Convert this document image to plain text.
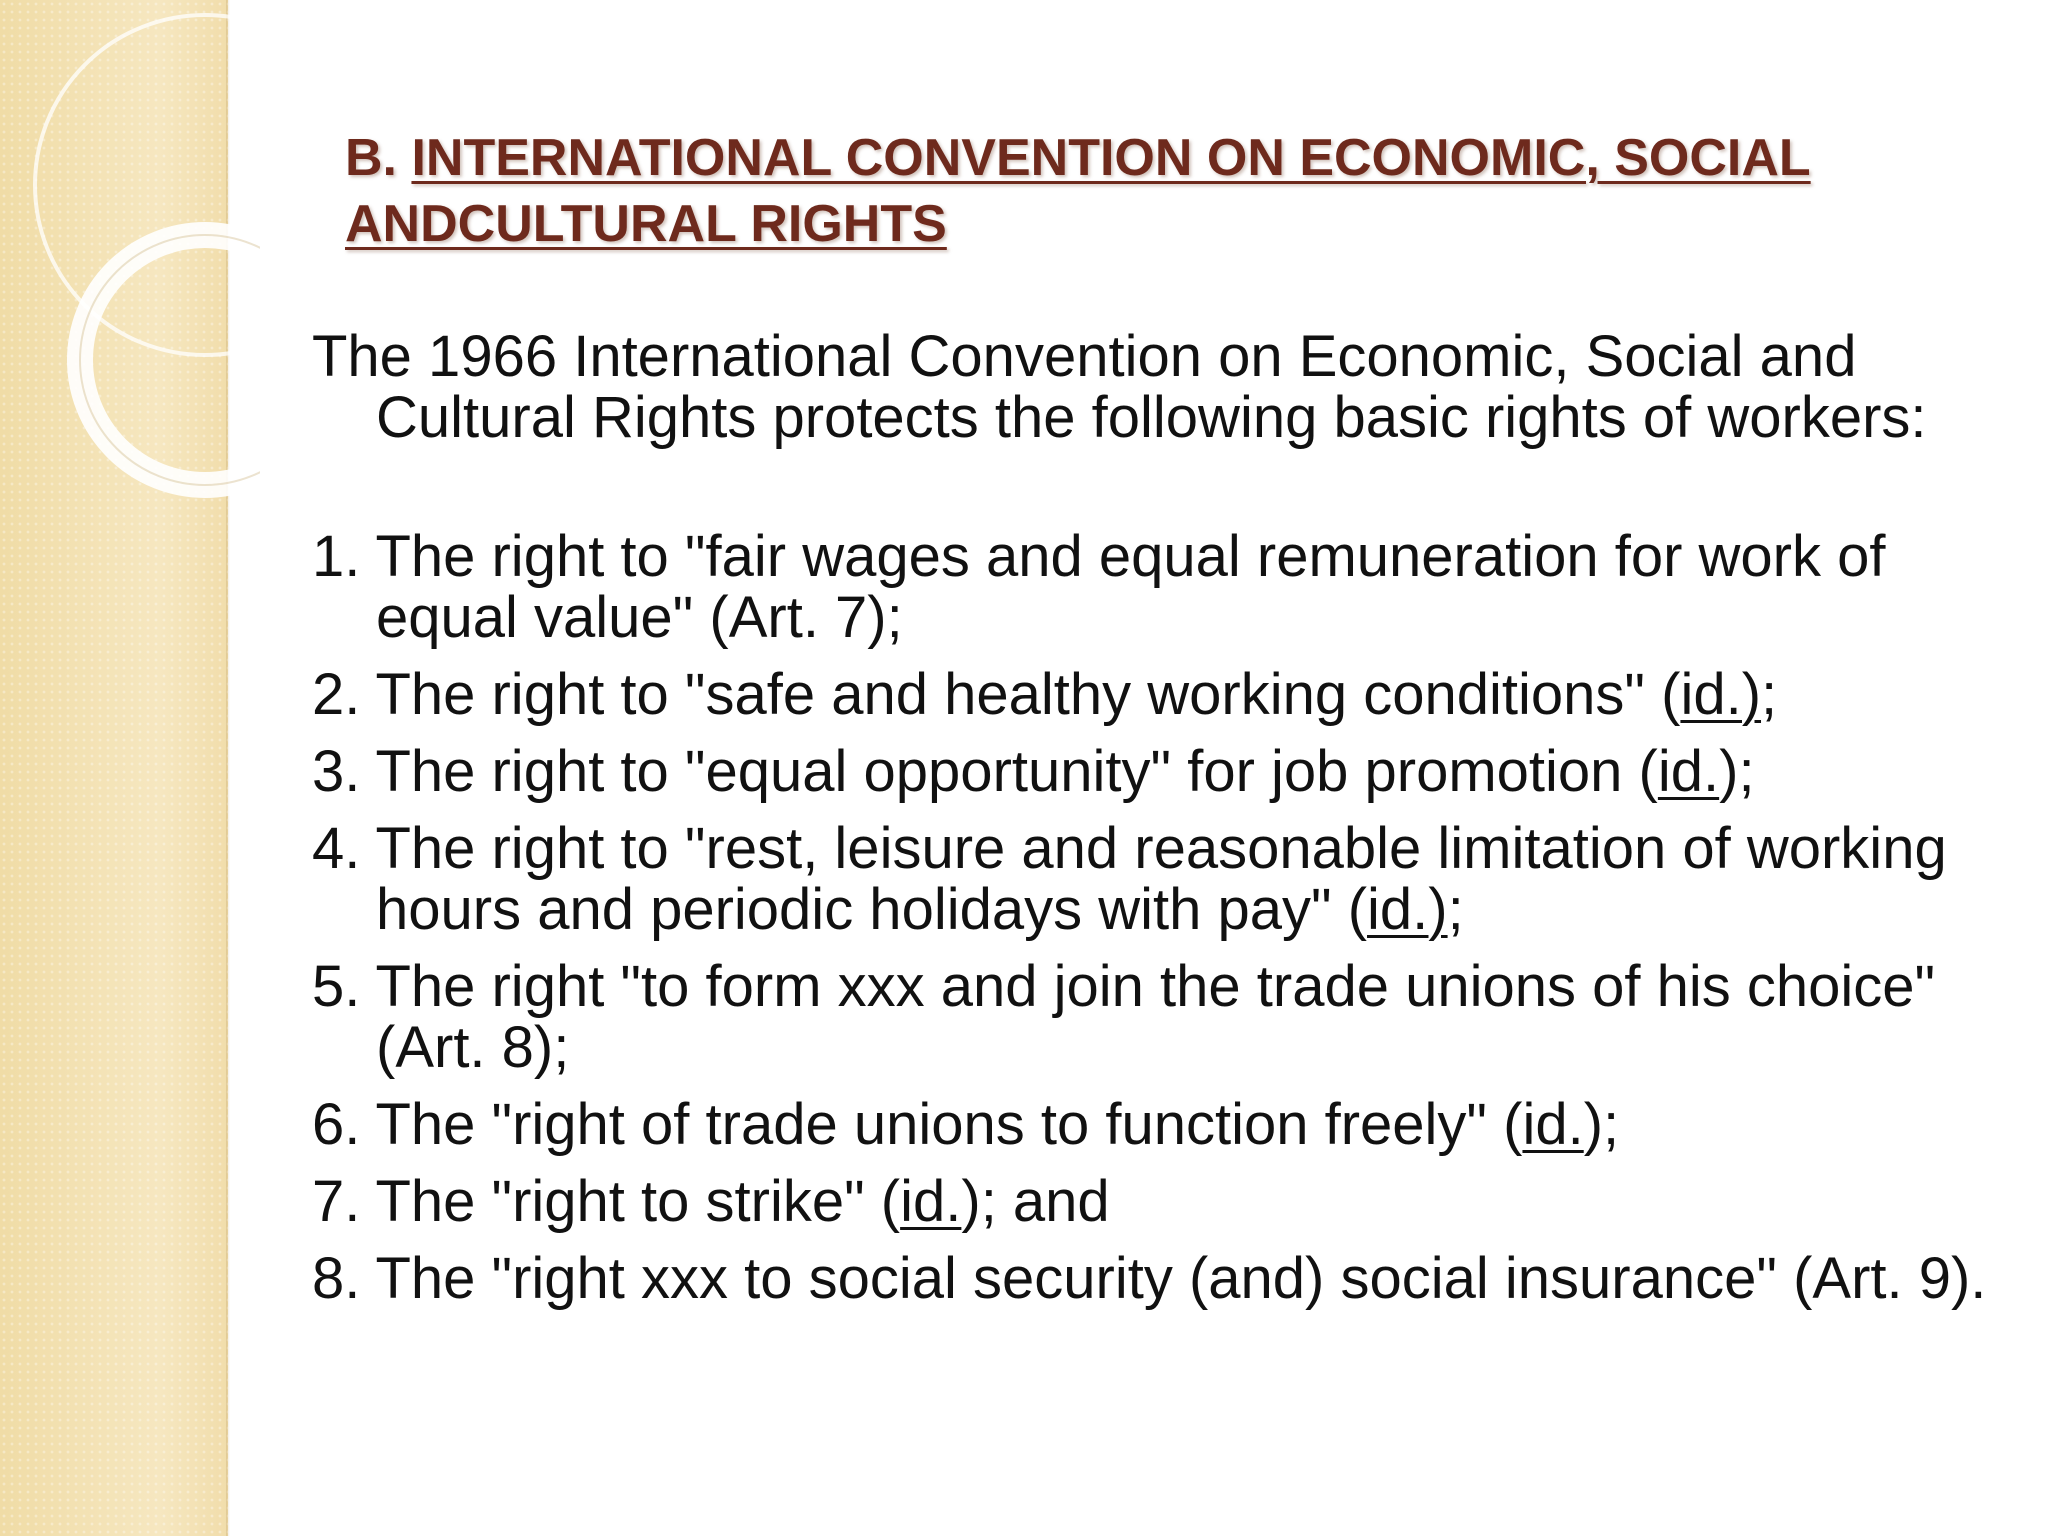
B. INTERNATIONAL CONVENTION ON ECONOMIC, SOCIAL ANDCULTURAL RIGHTS

The 1966 International Convention on Economic, Social and Cultural Rights protects the following basic rights of workers:

1. The right to "fair wages and equal remuneration for work of equal value" (Art. 7);

2. The right to "safe and healthy working conditions" (id.);

3. The right to "equal opportunity" for job promotion (id.);

4. The right to "rest, leisure and reasonable limitation of working hours and periodic holidays with pay" (id.);

5. The right "to form xxx and join the trade unions of his choice" (Art. 8);

6. The "right of trade unions to function freely" (id.);

7. The "right to strike" (id.); and

8. The "right xxx to social security (and) social insurance" (Art. 9).
